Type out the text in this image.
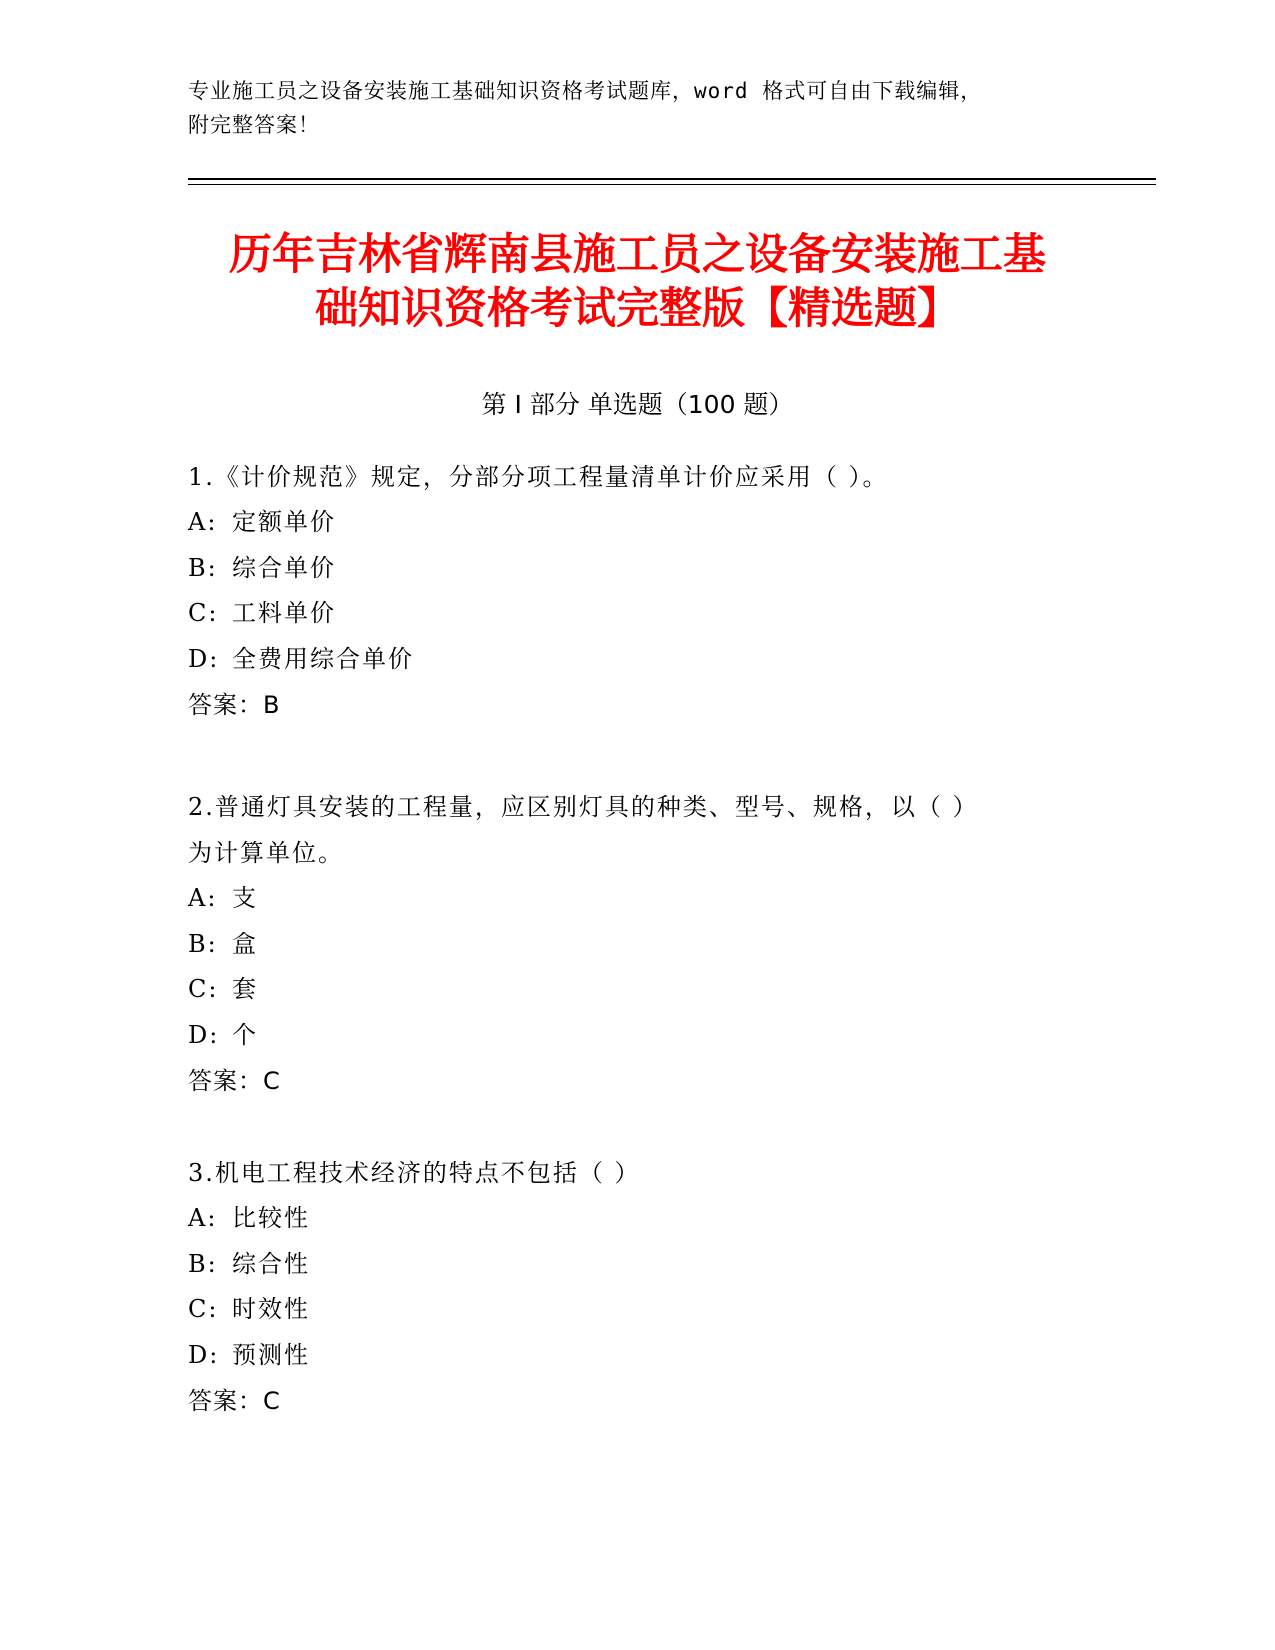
专业施工员之设备安装施工基础知识资格考试题库，word 格式可自由下载编辑，
附完整答案！
历年吉林省辉南县施工员之设备安装施工基
础知识资格考试完整版【精选题】
第 I 部分 单选题（100 题）
1.《计价规范》规定，分部分项工程量清单计价应采用（ ）。
A: 定额单价
B: 综合单价
C: 工料单价
D: 全费用综合单价
答案：B
2.普通灯具安装的工程量，应区别灯具的种类、型号、规格，以（ ）
为计算单位。
A: 支
B: 盒
C: 套
D: 个
答案：C
3.机电工程技术经济的特点不包括（ ）
A: 比较性
B: 综合性
C: 时效性
D: 预测性
答案：C
